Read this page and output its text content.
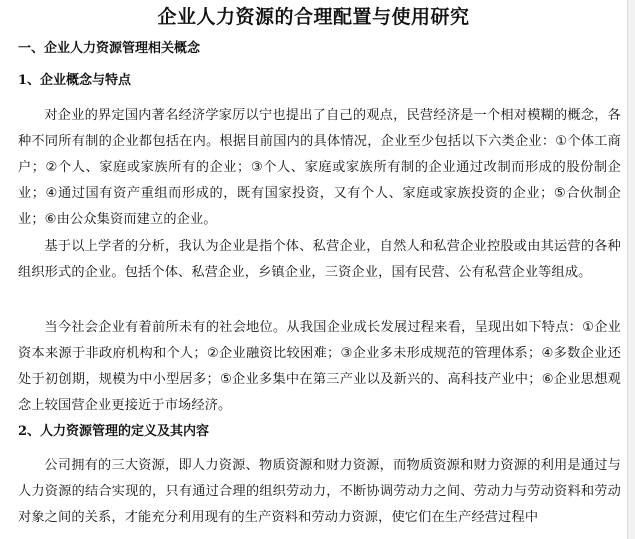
企业人力资源的合理配置与使用研究
一、企业人力资源管理相关概念
1、企业概念与特点

对企业的界定国内著名经济学家厉以宁也提出了自己的观点，民营经济是一个相对模糊的概念，各种不同所有制的企业都包括在内。根据目前国内的具体情况，企业至少包括以下六类企业：①个体工商户；②个人、家庭或家族所有的企业；③个人、家庭或家族所有制的企业通过改制而形成的股份制企业；④通过国有资产重组而形成的，既有国家投资，又有个人、家庭或家族投资的企业；⑤合伙制企业；⑥由公众集资而建立的企业。

基于以上学者的分析，我认为企业是指个体、私营企业，自然人和私营企业控股或由其运营的各种组织形式的企业。包括个体、私营企业，乡镇企业，三资企业，国有民营、公有私营企业等组成。

当今社会企业有着前所未有的社会地位。从我国企业成长发展过程来看，呈现出如下特点：①企业资本来源于非政府机构和个人；②企业融资比较困难；③企业多未形成规范的管理体系；④多数企业还处于初创期，规模为中小型居多；⑤企业多集中在第三产业以及新兴的、高科技产业中；⑥企业思想观念上较国营企业更接近于市场经济。

2、人力资源管理的定义及其内容

公司拥有的三大资源，即人力资源、物质资源和财力资源，而物质资源和财力资源的利用是通过与人力资源的结合实现的，只有通过合理的组织劳动力，不断协调劳动力之间、劳动力与劳动资料和劳动对象之间的关系，才能充分利用现有的生产资料和劳动力资源，使它们在生产经营过程中
